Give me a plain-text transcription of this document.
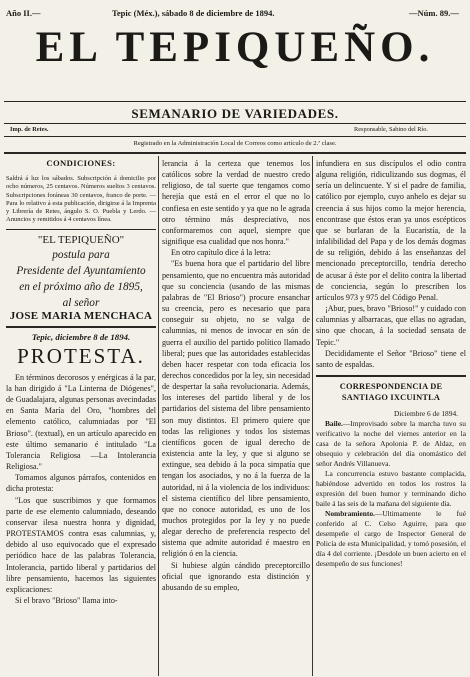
Año II.—	Tepic (Méx.), sábado 8 de diciembre de 1894.	—Núm. 89.—
EL TEPIQUEÑO.
SEMANARIO DE VARIEDADES.
Imp. de Retes.	Responsable, Sabino del Río.
Registrado en la Administración Local de Correos como artículo de 2.ª clase.

CONDICIONES:

Saldrá á luz los sábados. Subscripción á domicilio por ocho números, 25 centavos. Números sueltos 3 centavos. Subscripciones foráneas 30 centavos, franco de porte. —Para lo relativo á esta publicación, dirigirse á la Imprenta y Librería de Retes, ángulo S. O. Puebla y Lerdo. —Anuncios y remitidos á 4 centavos línea.

"EL TEPIQUEÑO"

postula para

Presidente del Ayuntamiento

en el próximo año de 1895,

al señor

JOSE MARIA MENCHACA

Tepic, diciembre 8 de 1894.

PROTESTA.

En términos decorosos y enérgicas á la par, la han dirigido á "La Linterna de Diógenes", de Guadalajara, algunas personas avecindadas en Santa María del Oro, "hombres del elemento católico, calumniadas por "El Brioso". (textual), en un artículo aparecido en este último semanario é intitulado "La Tolerancia Religiosa —La Intolerancia Religiosa."

Tomamos algunos párrafos, contenidos en dicha protesta:

"Los que suscribimos y que formamos parte de ese elemento calumniado, deseando conservar ilesa nuestra honra y dignidad, PROTESTAMOS contra esas calumnias, y, debido al uso equivocado que el expresado periódico hace de las palabras Tolerancia, Intolerancia, partido liberal y partidarios del libre pensamiento, hacemos las siguientes explicaciones:

Si el bravo "Brioso" llama into-

lerancia á la certeza que tenemos los católicos sobre la verdad de nuestro credo religioso, de tal suerte que tengamos como herejía que está en el error el que no lo confiesa en este sentido y ya que no le agrada otro término más despreciativo, nos conformaremos con aquel, siempre que signifique esa cualidad que nos honra."

En otro capítulo dice á la letra:

"Es buena hora que el partidario del libre pensamiento, que no encuentra más autoridad que su conciencia (usando de las mismas palabras de "El Brioso") procure ensanchar su creencia, pero es necesario que para conseguir su objeto, no se valga de calumnias, ni menos de invocar en són de guerra el auxilio del partido político llamado liberal; pues que las autoridades establecidas deben hacer respetar con toda eficacia los derechos concedidos por la ley, sin necesidad de despertar la saña revolucionaria. Además, los intereses del partido liberal y de los partidarios del sistema del libre pensamiento son muy distintos. El primero quiere que todas las religiones y todos los sistemas científicos gocen de igual derecho de existencia ante la ley, y que si alguno se extingue, sea debido á la poca simpatía que tengan los asociados, y no á la fuerza de la autoridad, ni á la violencia de los individuos: el sistema científico del libre pensamiento, que no conoce autoridad, es uno de los muchos protegidos por la ley y no puede alegar derecho de preferencia respecto del sistema que admite autoridad é maestro en religión ó en la ciencia.

Si hubiese algún cándido preceptorcillo oficial que ignorando esta distinción y abusando de su empleo,

infundiera en sus discípulos el odio contra alguna religión, ridiculizando sus dogmas, él sería un delincuente. Y si el padre de familia, católico por ejemplo, cuyo anhelo es dejar su creencia á sus hijos como la mejor herencia, encontrase que éstos eran ya unos escépticos que se burlaran de la Eucaristía, de la infalibilidad del Papa y de los demás dogmas de su religión, debido á las enseñanzas del mencionado preceptorcillo, tendría derecho de acusar á éste por el delito contra la libertad de conciencia, según lo prescriben los artículos 973 y 975 del Código Penal.

¡Abur, pues, bravo "Brioso!" y cuidado con calumnias y albarracas, que ellas no agradan, sino que chocan, á la sociedad sensata de Tepic."

Decididamente el Señor "Brioso" tiene el santo de espaldas.

CORRESPONDENCIA DE

SANTIAGO IXCUINTLA

Diciembre 6 de 1894.

Baile.—Improvisado sobre la marcha tuvo su verificativo la noche del viernes anterior en la casa de la señora Apolonia P. de Aldaz, en obsequio y celebración del día onomástico del señor Andrés Villanueva.

La concurrencia estuvo bastante complacida, habiéndose advertido en todos los rostros la expresión del buen humor y terminando dicho baile á las seis de la mañana del siguiente día.

Nombramiento.—Ultimamente le fué conferido al C. Celso Aguirre, para que desempeñe el cargo de Inspector General de Policía de esta Municipalidad, y tomó posesión, el día 4 del corriente. ¡Desdole un buen acierto en el desempeño de sus funciones!
